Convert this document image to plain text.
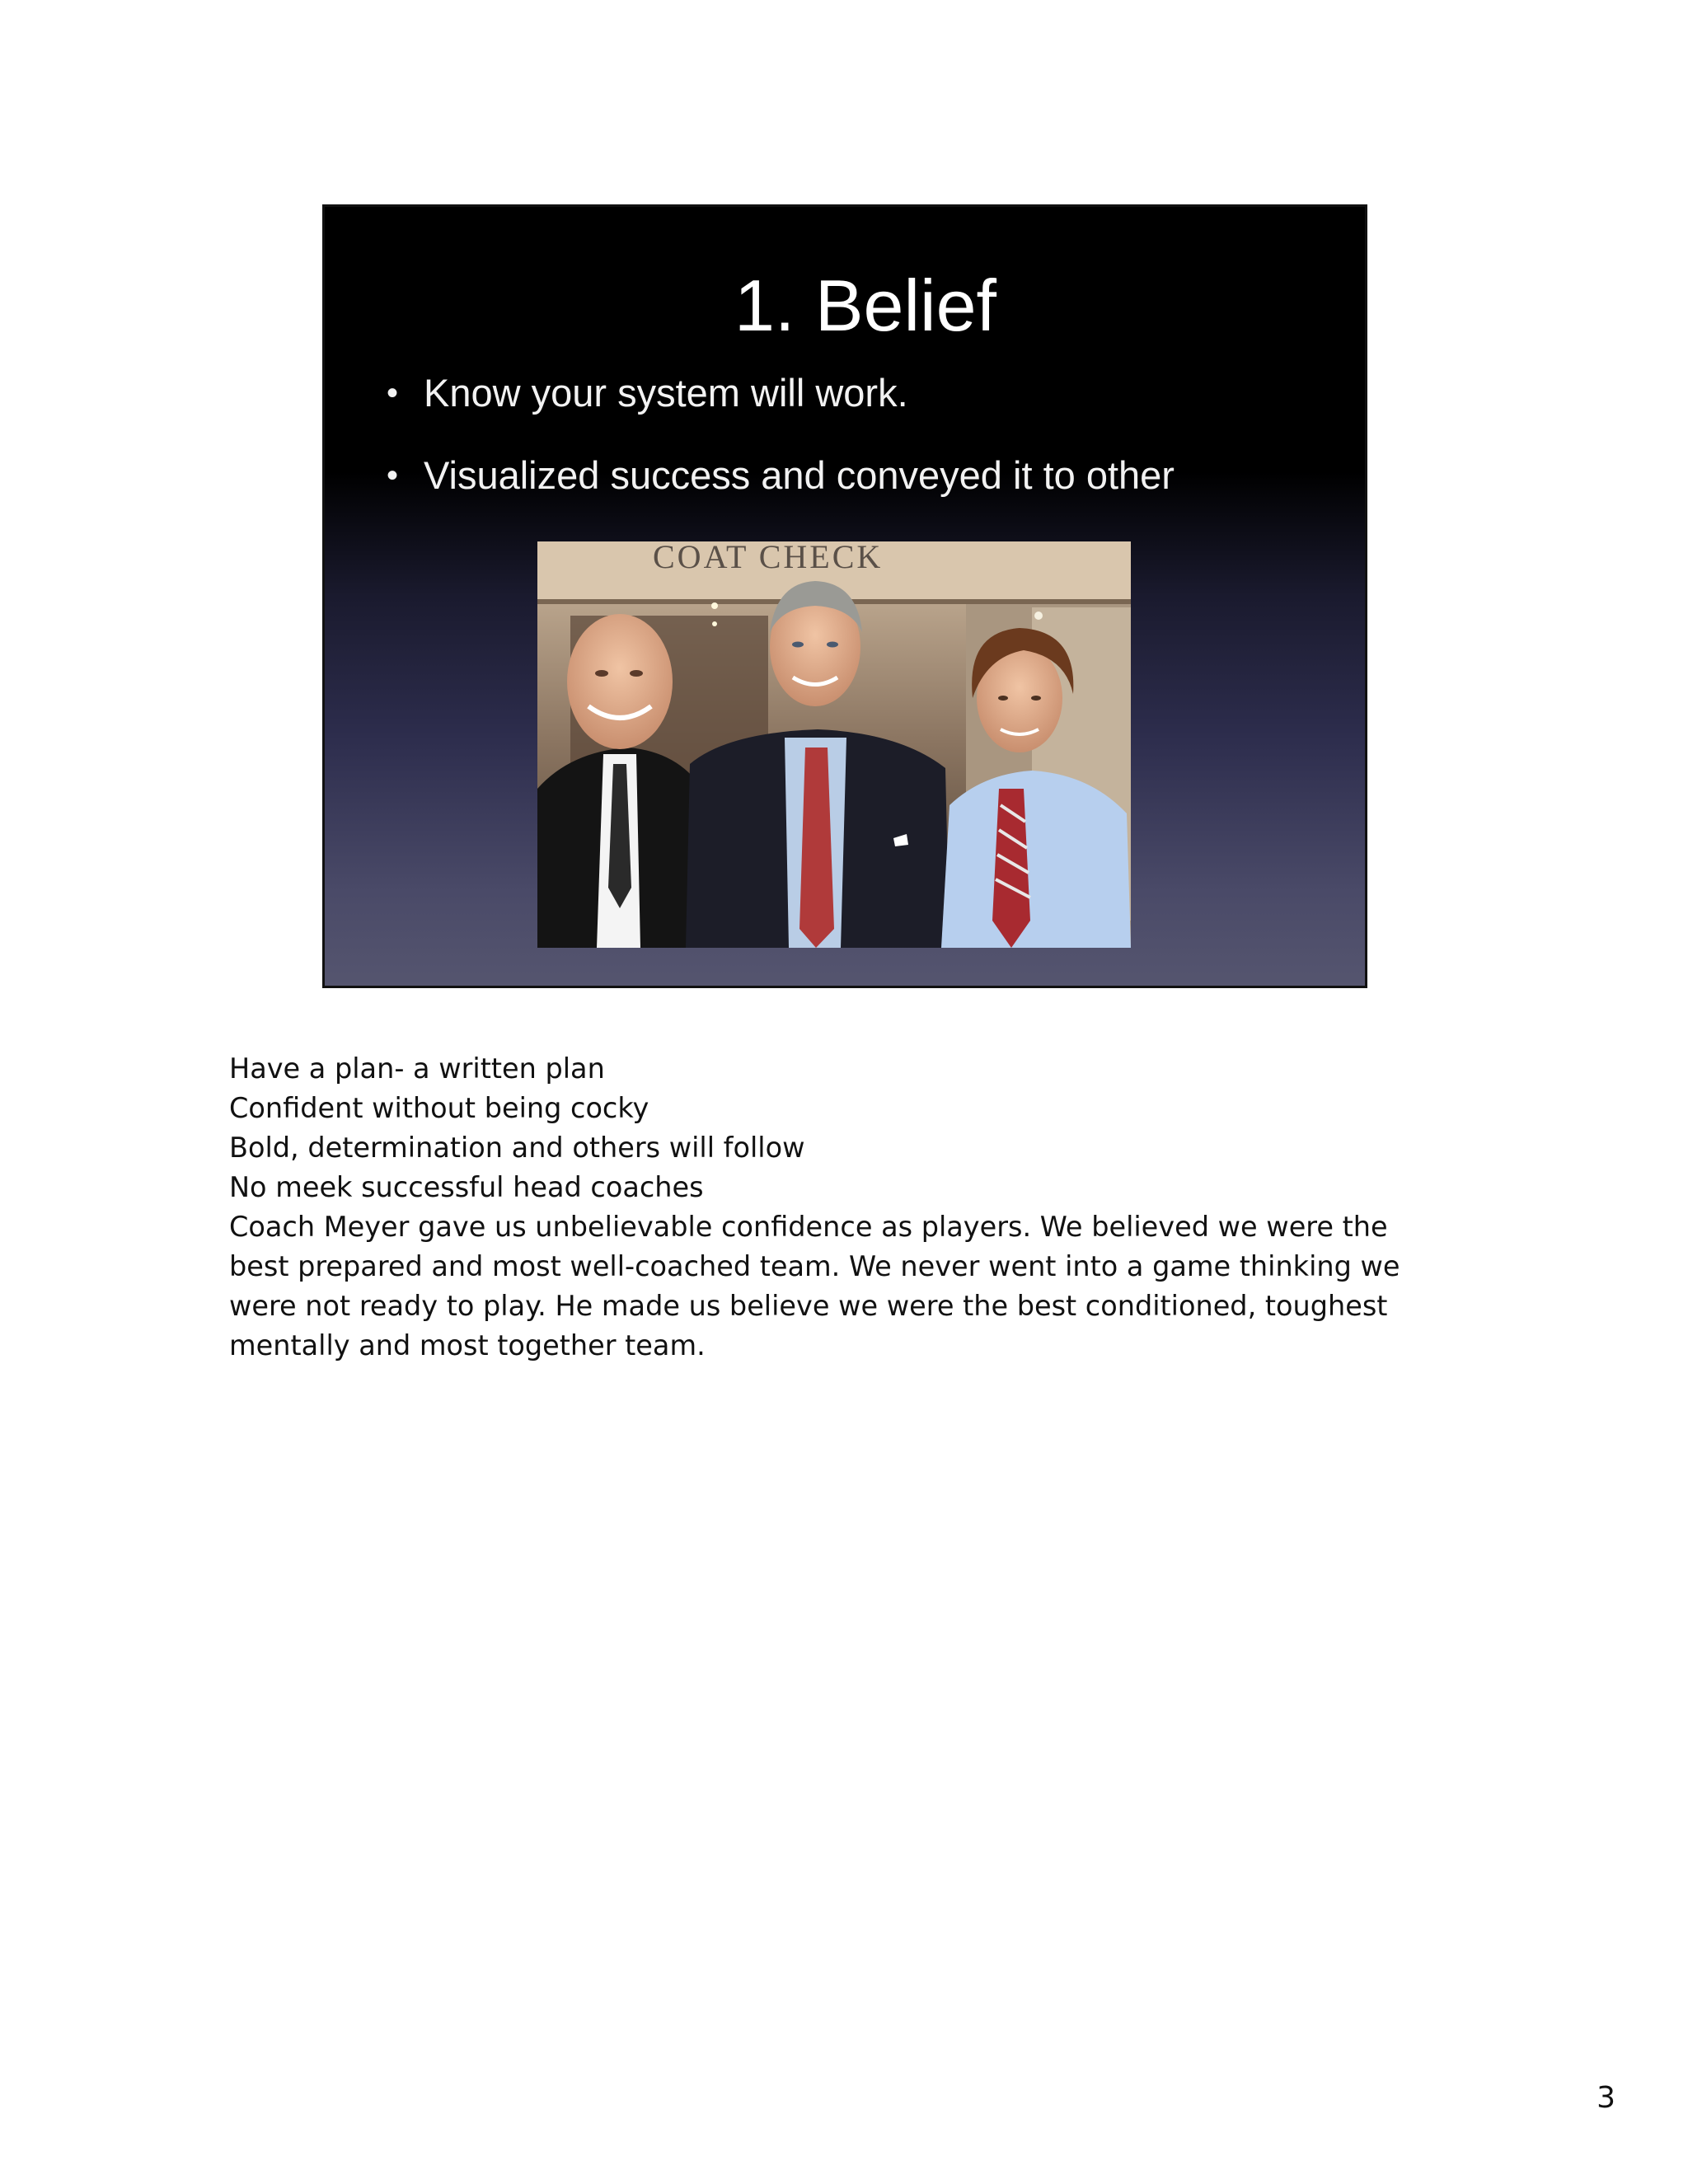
1. Belief
• Know your system will work.
• Visualized success and conveyed it to other
COAT CHECK

Have a plan- a written plan

Confident without being cocky

Bold, determination and others will follow

No meek successful head coaches

Coach Meyer gave us unbelievable confidence as players. We believed we were the best prepared and most well-coached team. We never went into a game thinking we were not ready to play. He made us believe we were the best conditioned, toughest mentally and most together team.

3
